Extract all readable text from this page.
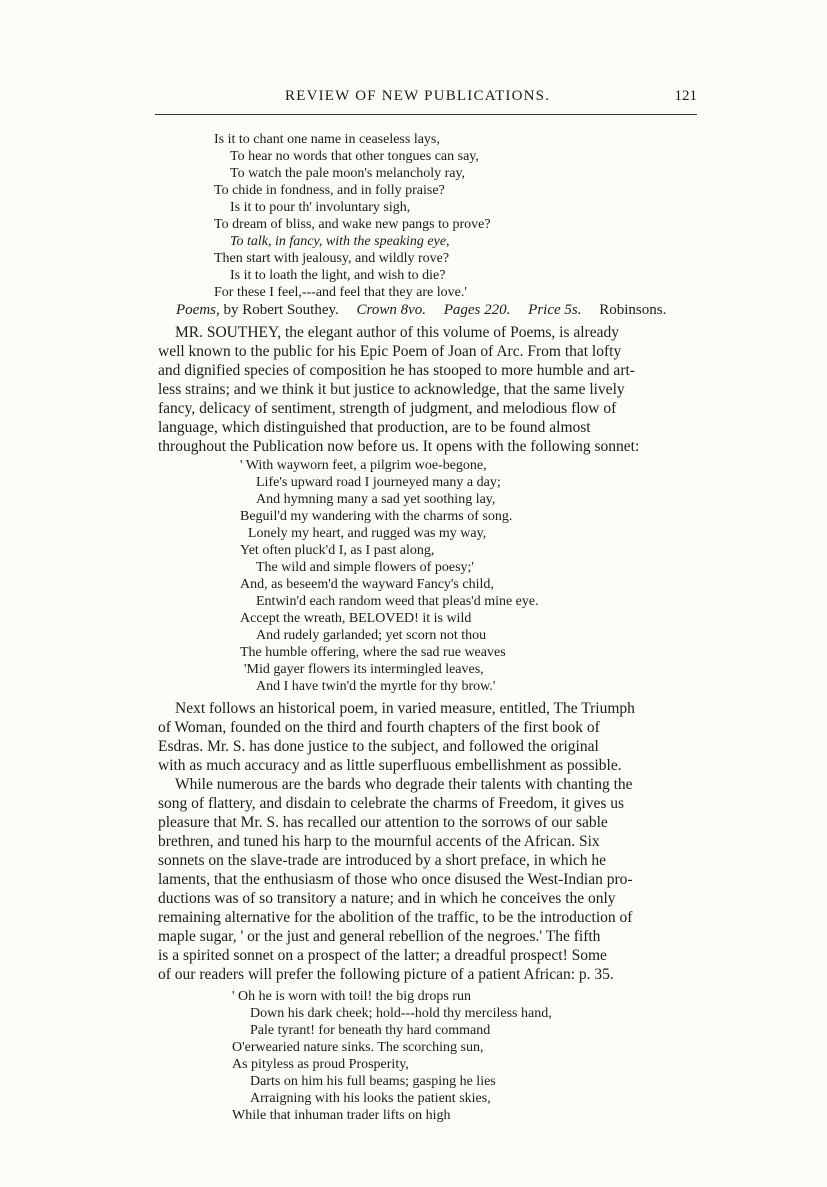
REVIEW OF NEW PUBLICATIONS.	121
Is it to chant one name in ceaseless lays,
To hear no words that other tongues can say,
To watch the pale moon's melancholy ray,
To chide in fondness, and in folly praise?
Is it to pour th' involuntary sigh,
To dream of bliss, and wake new pangs to prove?
To talk, in fancy, with the speaking eye,
Then start with jealousy, and wildly rove?
Is it to loath the light, and wish to die?
For these I feel,---and feel that they are love.'
Poems, by Robert Southey. Crown 8vo. Pages 220. Price 5s. Robinsons.
MR. SOUTHEY, the elegant author of this volume of Poems, is already
well known to the public for his Epic Poem of Joan of Arc. From that lofty
and dignified species of composition he has stooped to more humble and art-
less strains; and we think it but justice to acknowledge, that the same lively
fancy, delicacy of sentiment, strength of judgment, and melodious flow of
language, which distinguished that production, are to be found almost
throughout the Publication now before us. It opens with the following sonnet:
' With wayworn feet, a pilgrim woe-begone,
Life's upward road I journeyed many a day;
And hymning many a sad yet soothing lay,
Beguil'd my wandering with the charms of song.
Lonely my heart, and rugged was my way,
Yet often pluck'd I, as I past along,
The wild and simple flowers of poesy;'
And, as beseem'd the wayward Fancy's child,
Entwin'd each random weed that pleas'd mine eye.
Accept the wreath, BELOVED! it is wild
And rudely garlanded; yet scorn not thou
The humble offering, where the sad rue weaves
'Mid gayer flowers its intermingled leaves,
And I have twin'd the myrtle for thy brow.'
Next follows an historical poem, in varied measure, entitled, The Triumph
of Woman, founded on the third and fourth chapters of the first book of
Esdras. Mr. S. has done justice to the subject, and followed the original
with as much accuracy and as little superfluous embellishment as possible.
While numerous are the bards who degrade their talents with chanting the
song of flattery, and disdain to celebrate the charms of Freedom, it gives us
pleasure that Mr. S. has recalled our attention to the sorrows of our sable
brethren, and tuned his harp to the mournful accents of the African. Six
sonnets on the slave-trade are introduced by a short preface, in which he
laments, that the enthusiasm of those who once disused the West-Indian pro-
ductions was of so transitory a nature; and in which he conceives the only
remaining alternative for the abolition of the traffic, to be the introduction of
maple sugar, ' or the just and general rebellion of the negroes.' The fifth
is a spirited sonnet on a prospect of the latter; a dreadful prospect! Some
of our readers will prefer the following picture of a patient African: p. 35.
' Oh he is worn with toil! the big drops run
Down his dark cheek; hold---hold thy merciless hand,
Pale tyrant! for beneath thy hard command
O'erwearied nature sinks. The scorching sun,
As pityless as proud Prosperity,
Darts on him his full beams; gasping he lies
Arraigning with his looks the patient skies,
While that inhuman trader lifts on high
